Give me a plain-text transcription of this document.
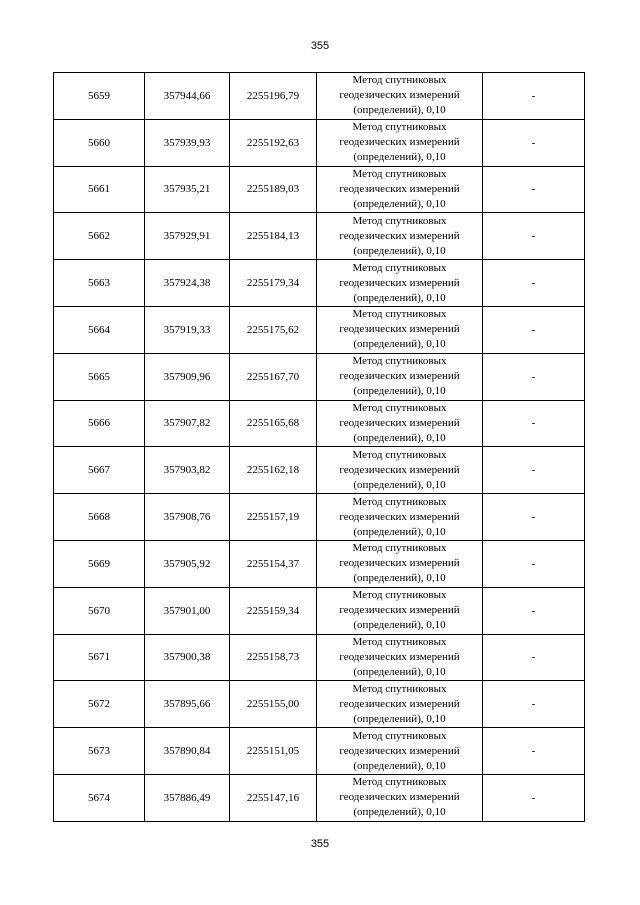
355
5659	357944,66	2255196,79	Метод спутниковых
геодезических измерений
(определений), 0,10	-
5660	357939,93	2255192,63	Метод спутниковых
геодезических измерений
(определений), 0,10	-
5661	357935,21	2255189,03	Метод спутниковых
геодезических измерений
(определений), 0,10	-
5662	357929,91	2255184,13	Метод спутниковых
геодезических измерений
(определений), 0,10	-
5663	357924,38	2255179,34	Метод спутниковых
геодезических измерений
(определений), 0,10	-
5664	357919,33	2255175,62	Метод спутниковых
геодезических измерений
(определений), 0,10	-
5665	357909,96	2255167,70	Метод спутниковых
геодезических измерений
(определений), 0,10	-
5666	357907,82	2255165,68	Метод спутниковых
геодезических измерений
(определений), 0,10	-
5667	357903,82	2255162,18	Метод спутниковых
геодезических измерений
(определений), 0,10	-
5668	357908,76	2255157,19	Метод спутниковых
геодезических измерений
(определений), 0,10	-
5669	357905,92	2255154,37	Метод спутниковых
геодезических измерений
(определений), 0,10	-
5670	357901,00	2255159,34	Метод спутниковых
геодезических измерений
(определений), 0,10	-
5671	357900,38	2255158,73	Метод спутниковых
геодезических измерений
(определений), 0,10	-
5672	357895,66	2255155,00	Метод спутниковых
геодезических измерений
(определений), 0,10	-
5673	357890,84	2255151,05	Метод спутниковых
геодезических измерений
(определений), 0,10	-
5674	357886,49	2255147,16	Метод спутниковых
геодезических измерений
(определений), 0,10	-
355
